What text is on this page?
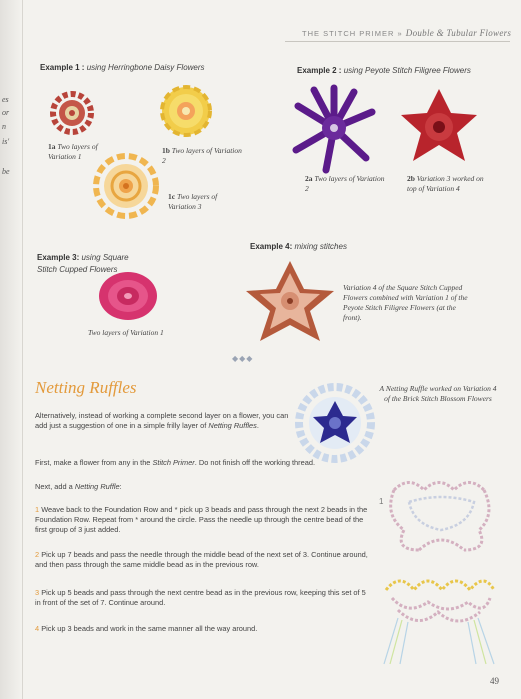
es
or
n
is'
be
THE STITCH PRIMER » Double & Tubular Flowers
Example 1 : using Herringbone Daisy Flowers
1a Two layers of Variation 1
1b Two layers of Variation 2
1c Two layers of Variation 3
Example 2 : using Peyote Stitch Filigree Flowers
2a Two layers of Variation 2
2b Variation 3 worked on top of Variation 4
Example 3: using Square Stitch Cupped Flowers
Two layers of Variation 1
Example 4: mixing stitches
Variation 4 of the Square Stitch Cupped Flowers combined with Variation 1 of the Peyote Stitch Filigree Flowers (at the front).
◆◆◆
Netting Ruffles	A Netting Ruffle worked on Variation 4 of the Brick Stitch Blossom Flowers
Alternatively, instead of working a complete second layer on a flower, you can add just a suggestion of one in a simple frilly layer of Netting Ruffles.
First, make a flower from any in the Stitch Primer. Do not finish off the working thread.
Next, add a Netting Ruffle:
1 Weave back to the Foundation Row and * pick up 3 beads and pass through the next 2 beads in the Foundation Row. Repeat from * around the circle. Pass the needle up through the centre bead of the first group of 3 just added.
2 Pick up 7 beads and pass the needle through the middle bead of the next set of 3. Continue around, and then pass through the same middle bead as in the previous row.
3 Pick up 5 beads and pass through the next centre bead as in the previous row, keeping this set of 5 in front of the set of 7. Continue around.
4 Pick up 3 beads and work in the same manner all the way around.
1
49
